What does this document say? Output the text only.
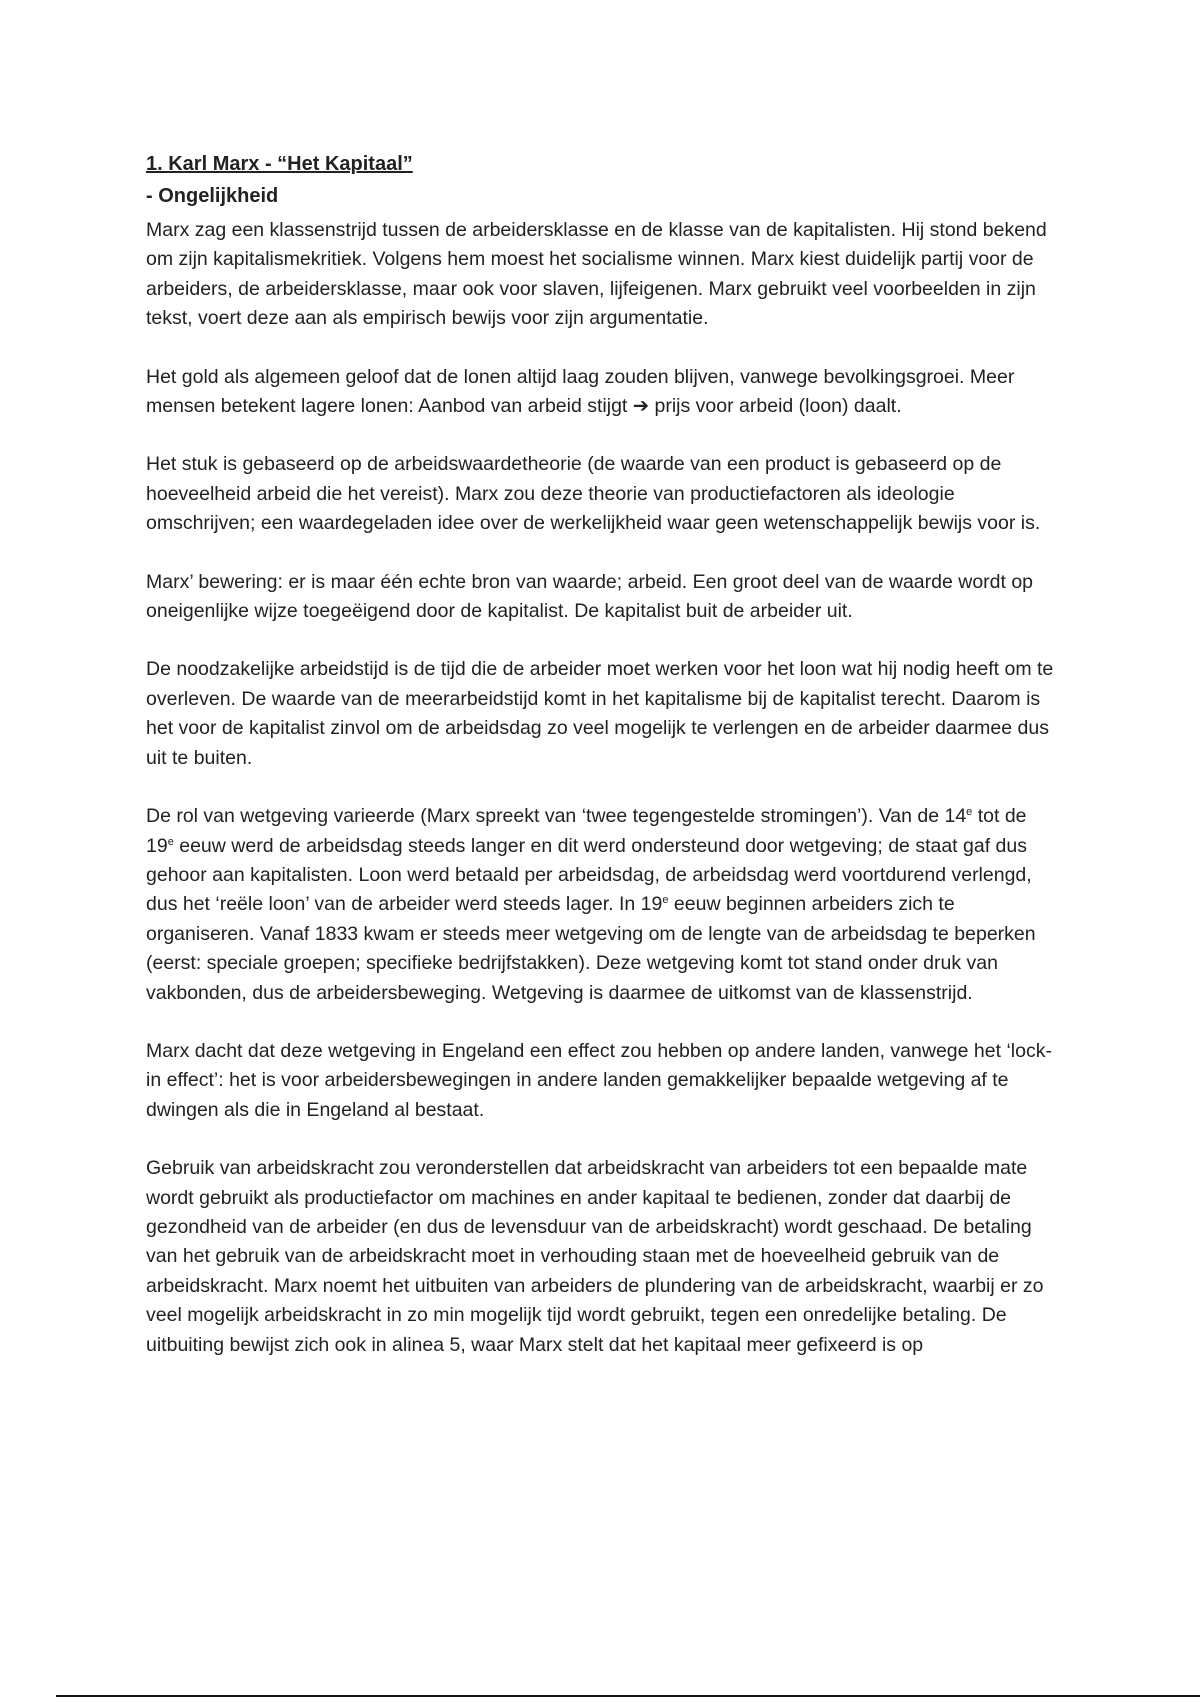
1. Karl Marx - “Het Kapitaal”
- Ongelijkheid

Marx zag een klassenstrijd tussen de arbeidersklasse en de klasse van de kapitalisten. Hij stond bekend om zijn kapitalismekritiek. Volgens hem moest het socialisme winnen. Marx kiest duidelijk partij voor de arbeiders, de arbeidersklasse, maar ook voor slaven, lijfeigenen. Marx gebruikt veel voorbeelden in zijn tekst, voert deze aan als empirisch bewijs voor zijn argumentatie.

Het gold als algemeen geloof dat de lonen altijd laag zouden blijven, vanwege bevolkingsgroei. Meer mensen betekent lagere lonen: Aanbod van arbeid stijgt ➔ prijs voor arbeid (loon) daalt.

Het stuk is gebaseerd op de arbeidswaardetheorie (de waarde van een product is gebaseerd op de hoeveelheid arbeid die het vereist). Marx zou deze theorie van productiefactoren als ideologie omschrijven; een waardegeladen idee over de werkelijkheid waar geen wetenschappelijk bewijs voor is.

Marx’ bewering: er is maar één echte bron van waarde; arbeid. Een groot deel van de waarde wordt op oneigenlijke wijze toegeëigend door de kapitalist. De kapitalist buit de arbeider uit.

De noodzakelijke arbeidstijd is de tijd die de arbeider moet werken voor het loon wat hij nodig heeft om te overleven. De waarde van de meerarbeidstijd komt in het kapitalisme bij de kapitalist terecht. Daarom is het voor de kapitalist zinvol om de arbeidsdag zo veel mogelijk te verlengen en de arbeider daarmee dus uit te buiten.

De rol van wetgeving varieerde (Marx spreekt van ‘twee tegengestelde stromingen’). Van de 14e tot de 19e eeuw werd de arbeidsdag steeds langer en dit werd ondersteund door wetgeving; de staat gaf dus gehoor aan kapitalisten. Loon werd betaald per arbeidsdag, de arbeidsdag werd voortdurend verlengd, dus het ‘reële loon’ van de arbeider werd steeds lager. In 19e eeuw beginnen arbeiders zich te organiseren. Vanaf 1833 kwam er steeds meer wetgeving om de lengte van de arbeidsdag te beperken (eerst: speciale groepen; specifieke bedrijfstakken). Deze wetgeving komt tot stand onder druk van vakbonden, dus de arbeidersbeweging. Wetgeving is daarmee de uitkomst van de klassenstrijd.

Marx dacht dat deze wetgeving in Engeland een effect zou hebben op andere landen, vanwege het ‘lock-in effect’: het is voor arbeidersbewegingen in andere landen gemakkelijker bepaalde wetgeving af te dwingen als die in Engeland al bestaat.

Gebruik van arbeidskracht zou veronderstellen dat arbeidskracht van arbeiders tot een bepaalde mate wordt gebruikt als productiefactor om machines en ander kapitaal te bedienen, zonder dat daarbij de gezondheid van de arbeider (en dus de levensduur van de arbeidskracht) wordt geschaad. De betaling van het gebruik van de arbeidskracht moet in verhouding staan met de hoeveelheid gebruik van de arbeidskracht. Marx noemt het uitbuiten van arbeiders de plundering van de arbeidskracht, waarbij er zo veel mogelijk arbeidskracht in zo min mogelijk tijd wordt gebruikt, tegen een onredelijke betaling. De uitbuiting bewijst zich ook in alinea 5, waar Marx stelt dat het kapitaal meer gefixeerd is op
